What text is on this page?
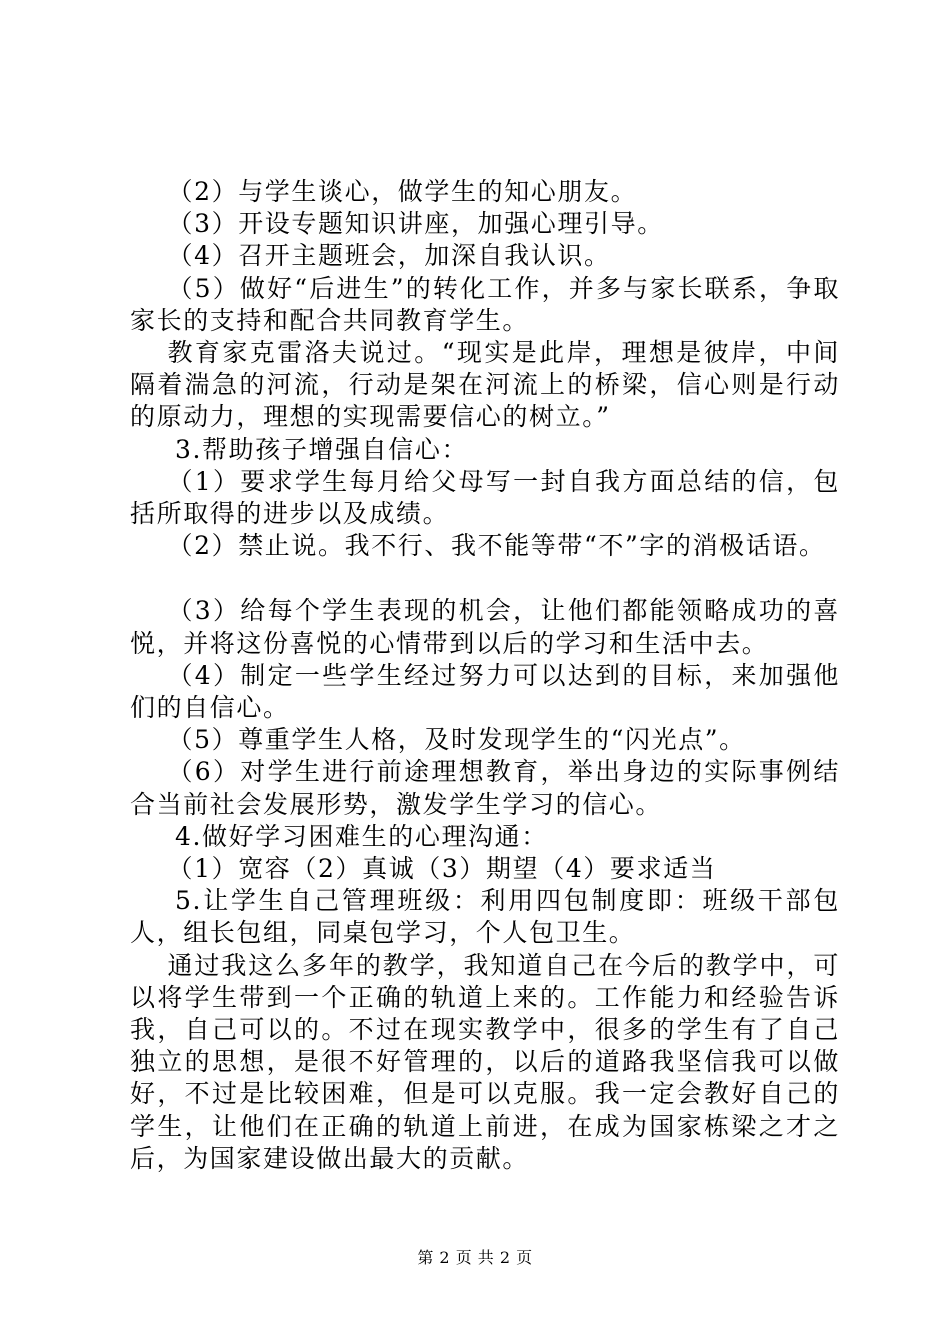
（2）与学生谈心，做学生的知心朋友。

（3）开设专题知识讲座，加强心理引导。

（4）召开主题班会，加深自我认识。

（5）做好“后进生”的转化工作，并多与家长联系，争取家长的支持和配合共同教育学生。

教育家克雷洛夫说过。“现实是此岸，理想是彼岸，中间隔着湍急的河流，行动是架在河流上的桥梁，信心则是行动的原动力，理想的实现需要信心的树立。”

3.帮助孩子增强自信心：

（1）要求学生每月给父母写一封自我方面总结的信，包括所取得的进步以及成绩。

（2）禁止说。我不行、我不能等带“不”字的消极话语。

（3）给每个学生表现的机会，让他们都能领略成功的喜悦，并将这份喜悦的心情带到以后的学习和生活中去。

（4）制定一些学生经过努力可以达到的目标，来加强他们的自信心。

（5）尊重学生人格，及时发现学生的“闪光点”。

（6）对学生进行前途理想教育，举出身边的实际事例结合当前社会发展形势，激发学生学习的信心。

4.做好学习困难生的心理沟通：

（1）宽容（2）真诚（3）期望（4）要求适当

5.让学生自己管理班级：利用四包制度即：班级干部包人，组长包组，同桌包学习，个人包卫生。

通过我这么多年的教学，我知道自己在今后的教学中，可以将学生带到一个正确的轨道上来的。工作能力和经验告诉我，自己可以的。不过在现实教学中，很多的学生有了自己独立的思想，是很不好管理的，以后的道路我坚信我可以做好，不过是比较困难，但是可以克服。我一定会教好自己的学生，让他们在正确的轨道上前进，在成为国家栋梁之才之后，为国家建设做出最大的贡献。

第 2 页 共 2 页
